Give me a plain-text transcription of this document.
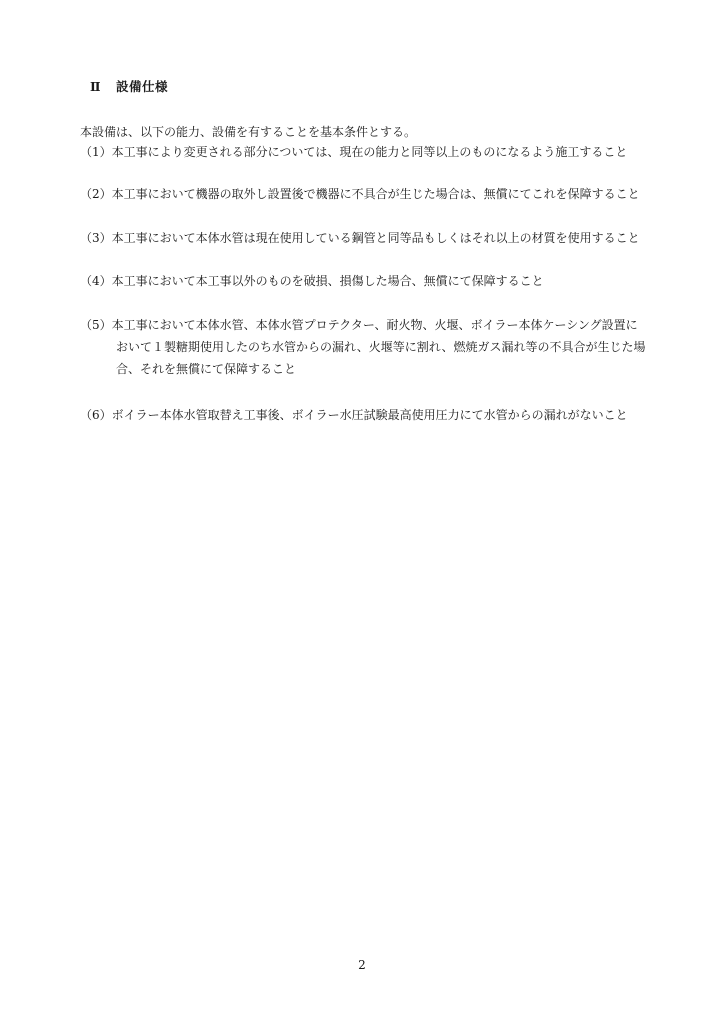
Ⅱ 設備仕様
本設備は、以下の能力、設備を有することを基本条件とする。
（1）本工事により変更される部分については、現在の能力と同等以上のものになるよう施工すること
（2）本工事において機器の取外し設置後で機器に不具合が生じた場合は、無償にてこれを保障すること
（3）本工事において本体水管は現在使用している鋼管と同等品もしくはそれ以上の材質を使用すること
（4）本工事において本工事以外のものを破損、損傷した場合、無償にて保障すること
（5）本工事において本体水管、本体水管プロテクター、耐火物、火堰、ボイラー本体ケーシング設置に
おいて１製糖期使用したのち水管からの漏れ、火堰等に割れ、燃焼ガス漏れ等の不具合が生じた場
合、それを無償にて保障すること
（6）ボイラー本体水管取替え工事後、ボイラー水圧試験最高使用圧力にて水管からの漏れがないこと
2
